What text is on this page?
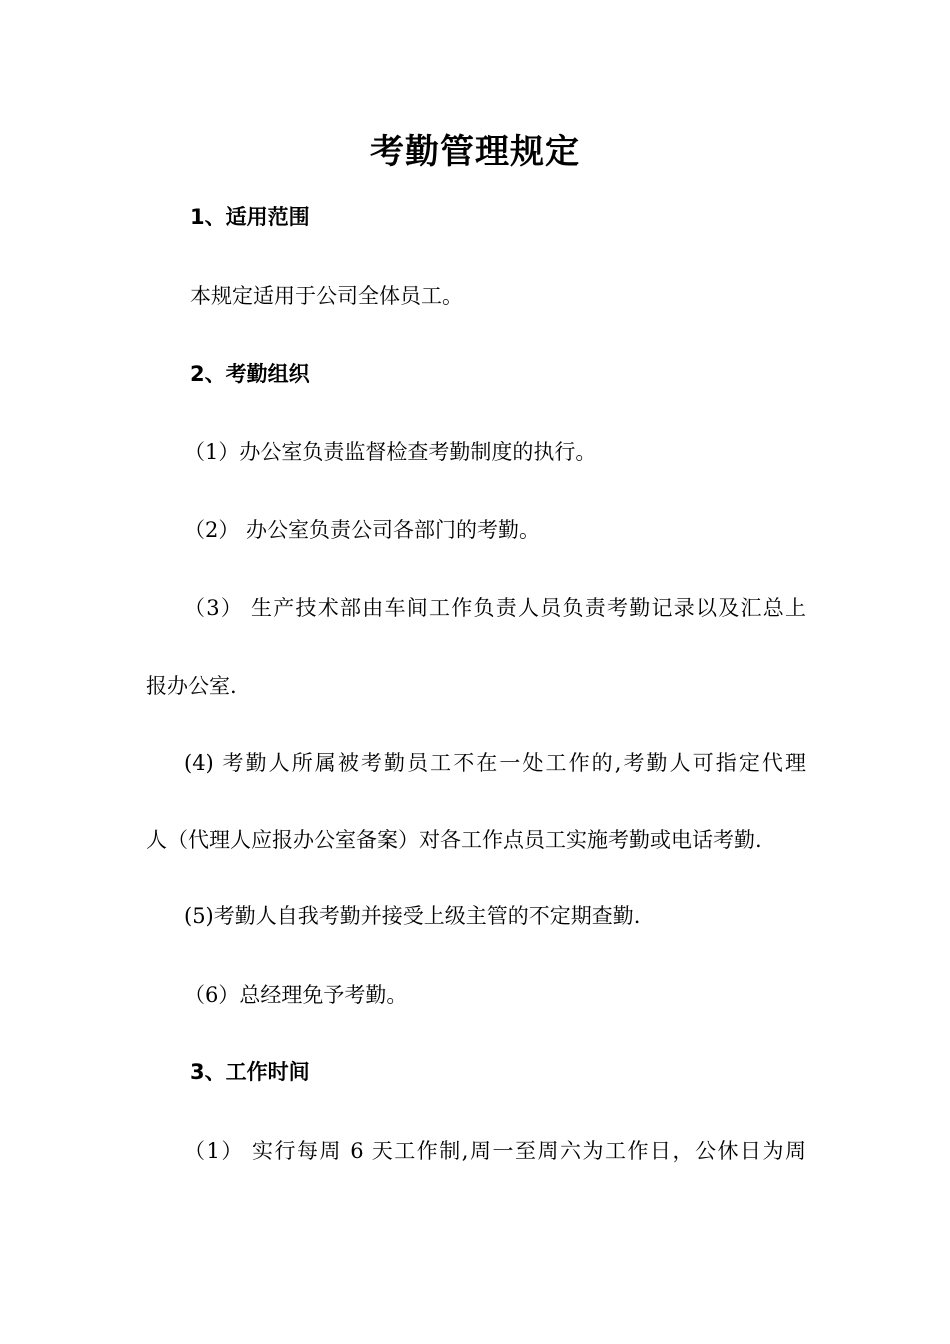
考勤管理规定

1、适用范围

本规定适用于公司全体员工。

2、考勤组织

（1）办公室负责监督检查考勤制度的执行。

（2） 办公室负责公司各部门的考勤。

（3） 生产技术部由车间工作负责人员负责考勤记录以及汇总上

报办公室.

(4) 考勤人所属被考勤员工不在一处工作的,考勤人可指定代理

人（代理人应报办公室备案）对各工作点员工实施考勤或电话考勤.

(5)考勤人自我考勤并接受上级主管的不定期查勤.

（6）总经理免予考勤。

3、工作时间

（1） 实行每周 6 天工作制,周一至周六为工作日，公休日为周
